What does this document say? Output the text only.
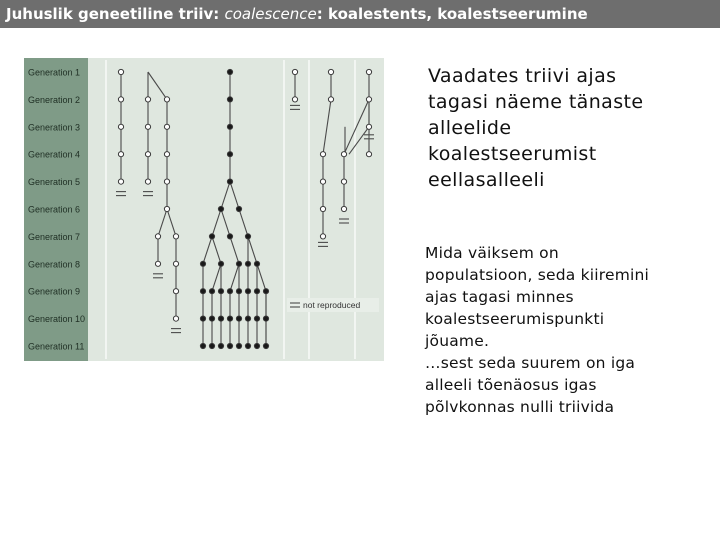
Juhuslik geneetiline triiv: coalescence: koalestents, koalestseerumine
Generation 1
Generation 2
Generation 3
Generation 4
Generation 5
Generation 6
Generation 7
Generation 8
Generation 9
Generation 10
Generation 11
not reproduced
Vaadates triivi ajas
tagasi näeme tänaste
alleelide
koalestseerumist
eellasalleeli
Mida väiksem on
populatsioon, seda kiiremini
ajas tagasi minnes
koalestseerumispunkti
jõuame.
…sest seda suurem on iga
alleeli tõenäosus igas
põlvkonnas nulli triivida
